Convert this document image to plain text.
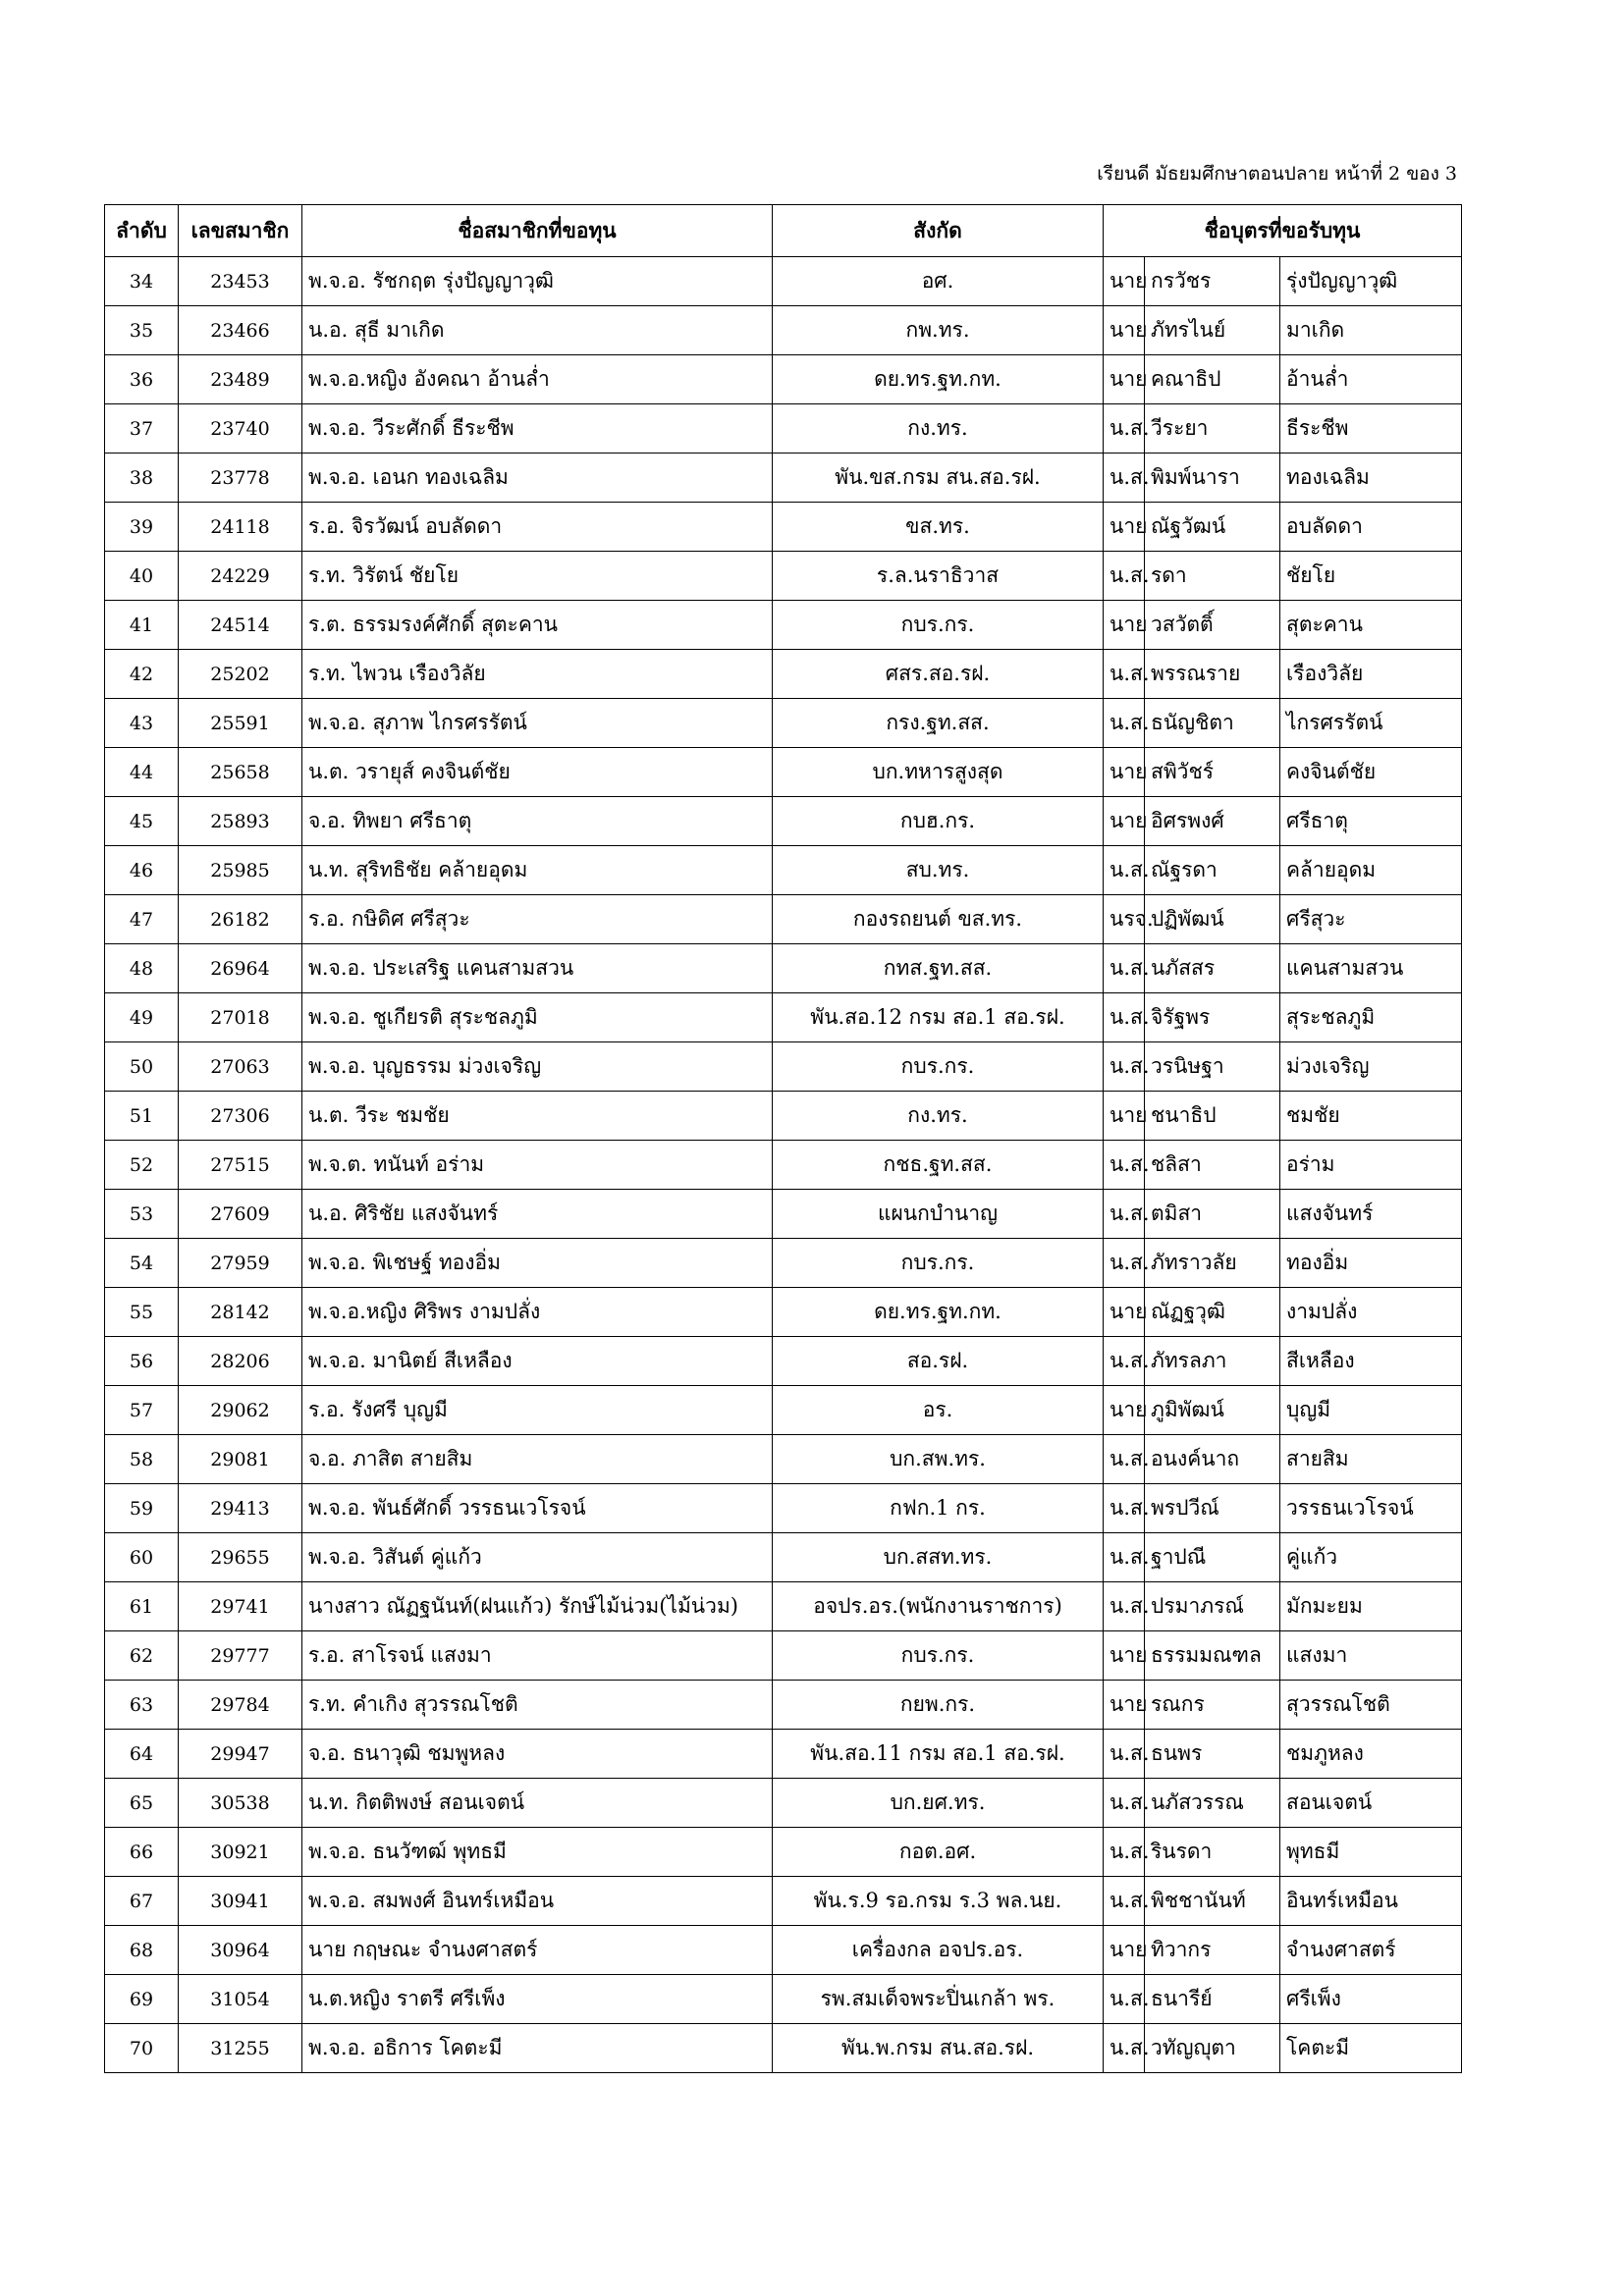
เรียนดี มัธยมศึกษาตอนปลาย หน้าที่ 2 ของ 3
ลำดับ	เลขสมาชิก	ชื่อสมาชิกที่ขอทุน	สังกัด	ชื่อบุตรที่ขอรับทุน		
34	23453	พ.จ.อ. รัชกฤต รุ่งปัญญาวุฒิ	อศ.	นาย	กรวัชร	รุ่งปัญญาวุฒิ
35	23466	น.อ. สุธี มาเกิด	กพ.ทร.	นาย	ภัทรไนย์	มาเกิด
36	23489	พ.จ.อ.หญิง อังคณา อ้านล่ำ	ดย.ทร.ฐท.กท.	นาย	คณาธิป	อ้านล่ำ
37	23740	พ.จ.อ. วีระศักดิ์ ธีระชีพ	กง.ทร.	น.ส.	วีระยา	ธีระชีพ
38	23778	พ.จ.อ. เอนก ทองเฉลิม	พัน.ขส.กรม สน.สอ.รฝ.	น.ส.	พิมพ์นารา	ทองเฉลิม
39	24118	ร.อ. จิรวัฒน์ อบลัดดา	ขส.ทร.	นาย	ณัฐวัฒน์	อบลัดดา
40	24229	ร.ท. วิรัตน์ ชัยโย	ร.ล.นราธิวาส	น.ส.	รดา	ชัยโย
41	24514	ร.ต. ธรรมรงค์ศักดิ์ สุตะคาน	กบร.กร.	นาย	วสวัตติ์	สุตะคาน
42	25202	ร.ท. ไพวน เรืองวิลัย	ศสร.สอ.รฝ.	น.ส.	พรรณราย	เรืองวิลัย
43	25591	พ.จ.อ. สุภาพ ไกรศรรัตน์	กรง.ฐท.สส.	น.ส.	ธนัญชิตา	ไกรศรรัตน์
44	25658	น.ต. วรายุส์ คงจินต์ชัย	บก.ทหารสูงสุด	นาย	สพิวัชร์	คงจินต์ชัย
45	25893	จ.อ. ทิพยา ศรีธาตุ	กบฮ.กร.	นาย	อิศรพงศ์	ศรีธาตุ
46	25985	น.ท. สุริทธิชัย คล้ายอุดม	สบ.ทร.	น.ส.	ณัฐรดา	คล้ายอุดม
47	26182	ร.อ. กษิดิศ ศรีสุวะ	กองรถยนต์ ขส.ทร.	นรจ.	ปฏิพัฒน์	ศรีสุวะ
48	26964	พ.จ.อ. ประเสริฐ แคนสามสวน	กทส.ฐท.สส.	น.ส.	นภัสสร	แคนสามสวน
49	27018	พ.จ.อ. ชูเกียรติ สุระชลภูมิ	พัน.สอ.12 กรม สอ.1 สอ.รฝ.	น.ส.	จิรัฐพร	สุระชลภูมิ
50	27063	พ.จ.อ. บุญธรรม ม่วงเจริญ	กบร.กร.	น.ส.	วรนิษฐา	ม่วงเจริญ
51	27306	น.ต. วีระ ชมชัย	กง.ทร.	นาย	ชนาธิป	ชมชัย
52	27515	พ.จ.ต. ทนันท์ อร่าม	กชธ.ฐท.สส.	น.ส.	ชลิสา	อร่าม
53	27609	น.อ. ศิริชัย แสงจันทร์	แผนกบำนาญ	น.ส.	ตมิสา	แสงจันทร์
54	27959	พ.จ.อ. พิเชษฐ์ ทองอิ่ม	กบร.กร.	น.ส.	ภัทราวลัย	ทองอิ่ม
55	28142	พ.จ.อ.หญิง ศิริพร งามปลั่ง	ดย.ทร.ฐท.กท.	นาย	ณัฏฐวุฒิ	งามปลั่ง
56	28206	พ.จ.อ. มานิตย์ สีเหลือง	สอ.รฝ.	น.ส.	ภัทรลภา	สีเหลือง
57	29062	ร.อ. รังศรี บุญมี	อร.	นาย	ภูมิพัฒน์	บุญมี
58	29081	จ.อ. ภาสิต สายสิม	บก.สพ.ทร.	น.ส.	อนงค์นาถ	สายสิม
59	29413	พ.จ.อ. พันธ์ศักดิ์ วรรธนเวโรจน์	กฟก.1 กร.	น.ส.	พรปวีณ์	วรรธนเวโรจน์
60	29655	พ.จ.อ. วิสันต์ คู่แก้ว	บก.สสท.ทร.	น.ส.	ฐาปณี	คู่แก้ว
61	29741	นางสาว ณัฏฐนันท์(ฝนแก้ว) รักษ์ไม้น่วม(ไม้น่วม)	อจปร.อร.(พนักงานราชการ)	น.ส.	ปรมาภรณ์	มักมะยม
62	29777	ร.อ. สาโรจน์ แสงมา	กบร.กร.	นาย	ธรรมมณฑล	แสงมา
63	29784	ร.ท. คำเกิง สุวรรณโชติ	กยพ.กร.	นาย	รณกร	สุวรรณโชติ
64	29947	จ.อ. ธนาวุฒิ ชมพูหลง	พัน.สอ.11 กรม สอ.1 สอ.รฝ.	น.ส.	ธนพร	ชมภูหลง
65	30538	น.ท. กิตติพงษ์ สอนเจตน์	บก.ยศ.ทร.	น.ส.	นภัสวรรณ	สอนเจตน์
66	30921	พ.จ.อ. ธนวัฑฒ์ พุทธมี	กอต.อศ.	น.ส.	รินรดา	พุทธมี
67	30941	พ.จ.อ. สมพงศ์ อินทร์เหมือน	พัน.ร.9 รอ.กรม ร.3 พล.นย.	น.ส.	พิชชานันท์	อินทร์เหมือน
68	30964	นาย กฤษณะ จำนงศาสตร์	เครื่องกล อจปร.อร.	นาย	ทิวากร	จำนงศาสตร์
69	31054	น.ต.หญิง ราตรี ศรีเพ็ง	รพ.สมเด็จพระปิ่นเกล้า พร.	น.ส.	ธนารีย์	ศรีเพ็ง
70	31255	พ.จ.อ. อธิการ โคตะมี	พัน.พ.กรม สน.สอ.รฝ.	น.ส.	วทัญญุตา	โคตะมี
